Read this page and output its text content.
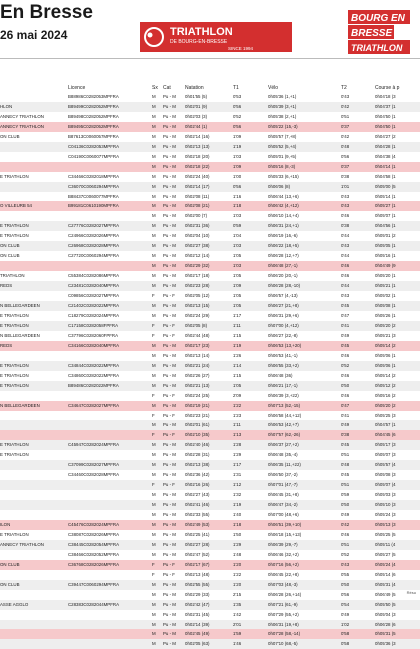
En Bresse
26 mai 2024	TRIATHLON
DE BOURG-EN-BRESSE
SINCE 1994
BOURG EN
BRESSE
TRIATHLON
	Licence	Sx	Cat	Natation	T1	Vélo	T2	Course à p
	B88986C0282053MPFRA	M	Pu - M	0h01'55 (5)	0'53	0h05'36 (1,+1)	0'43	0h04'18 (3
HLON	B89499C0282052MPFRA	M	Pu - M	0h02'01 (9)	0'56	0h05'39 (3,+1)	0'42	0h04'37 (1
ANNECY TRIATHLON	B89498C0282052MPFRA	M	Pu - M	0h02'03 (3)	0'52	0h05'38 (2,+1)	0'51	0h04'50 (1
ANNECY TRIATHLON	B89495C0282052MPFRA	M	Pu - M	0h02'44 (1)	0'56	0h05'22 (15,-3)	0'37	0h04'50 (1
ON CLUB	B87613C0060057MPFRA	M	Pu - M	0h02'14 (16)	1'09	0h05'57 (7,+8)	0'42	0h04'27 (2
	C04136C0282053MPFRA	M	Pu - M	0h02'13 (13)	1'19	0h05'52 (5,+4)	0'48	0h04'28 (1
	C04190C0060077MPFRA	M	Pu - M	0h02'18 (20)	1'03	0h05'01 (9,+5)	0'56	0h04'38 (4
		M	Pu - M	0h02'18 (22)	1'09	0h05'16 (8,-3)	0'37	0h04'14 (1
E TRIATHLON	C34466C0282018MPFRA	M	Pu - M	0h02'24 (40)	1'00	0h05'33 (6,+15)	0'38	0h04'58 (1
	C36070C0060294MPFRA	M	Pu - M	0h02'14 (17)	0'56	0h06'06 (8)	1'01	0h05'00 (5
	B88437C0060077MPFRA	M	Pu - M	0h02'08 (11)	1'16	0h06'44 (13,+6)	0'43	0h05'14 (1
O VILLEURB 54	B99181C0610190MPFRA	M	Pu - M	0h02'08 (21)	1'18	0h06'42 (4,+12)	0'43	0h05'27 (1
		M	Pu - M	0h02'00 (7)	1'03	0h06'10 (14,+4)	0'46	0h05'07 (1
E TRIATHLON	C27776C0282027MPFRA	M	Pu - M	0h02'31 (36)	0'59	0h06'31 (24,+1)	0'38	0h04'56 (1
E TRIATHLON	C24966C0282026MPFRA	M	Pu - M	0h02'04 (10)	1'04	0h06'19 (16,-6)	0'44	0h05'01 (2
ON CLUB	C26968C0282028MPFRA	M	Pu - M	0h02'27 (38)	1'03	0h06'22 (18,+5)	0'43	0h05'05 (1
ON CLUB	C27720C0060294MPFRA	M	Pu - M	0h02'12 (14)	1'05	0h06'28 (12,+7)	0'44	0h05'16 (1
		M	Pu - M	0h02'29 (32)	1'03	0h06'48 (27,-1)	0'46	0h04'49 (9
TRIATHLON	C55384C0282086MPFRA	M	Pu - M	0h02'17 (18)	1'05	0h06'20 (20,-1)	0'46	0h05'20 (1
REDS	C23481C0282040MPFRA	M	Pu - M	0h02'23 (28)	1'09	0h06'28 (28,-10)	0'44	0h05'21 (1
	C09856C0282027MPFRA	F	Pu - F	0h02'05 (12)	1'05	0h06'57 (4,-13)	0'43	0h05'02 (1
N BELLEGARDEEN	C21402C0282022MPFRA	M	Pu - M	0h02'13 (15)	1'05	0h06'27 (21,+8)	0'45	0h05'08 (1
E TRIATHLON	C18279C0282024MPFRA	M	Pu - M	0h02'24 (29)	1'17	0h06'31 (29,+6)	0'47	0h05'26 (1
E TRIATHLON	C17158C0282058FPFRA	F	Pu - F	0h02'05 (8)	1'11	0h07'00 (4,+12)	0'41	0h05'20 (2
N BELLEGARDEEN	C37796C0282060FPFRA	F	Pu - F	0h02'44 (48)	1'15	0h06'27 (22,-8)	0'49	0h05'21 (3
REDS	C34166C0282040MPFRA	M	Pu - M	0h02'17 (23)	1'19	0h06'53 (13,+20)	0'45	0h05'14 (2
		M	Pu - M	0h02'13 (14)	1'26	0h06'53 (41,-1)	0'46	0h05'06 (1
E TRIATHLON	C34844C0282022MPFRA	M	Pu - M	0h02'21 (24)	1'14	0h06'55 (33,+2)	0'52	0h05'06 (1
E TRIATHLON	C34860C0282022MPFRA	M	Pu - M	0h02'26 (27)	1'15	0h06'48 (36)	0'46	0h05'14 (2
E TRIATHLON	B89486C0282022MPFRA	M	Pu - M	0h02'21 (13)	1'05	0h06'21 (17,-1)	0'50	0h05'12 (2
		F	Pu - F	0h02'24 (25)	2'09	0h06'39 (3,+22)	0'46	0h05'16 (2
N BELLEGARDEEN	C34647C0282027MPFRA	M	Pu - M	0h02'19 (21)	1'22	0h07'13 (52,-15)	0'47	0h05'20 (2
		F	Pu - F	0h02'23 (21)	1'23	0h06'58 (44,+12)	0'41	0h05'25 (3
		M	Pu - M	0h02'01 (61)	1'11	0h06'53 (42,+7)	0'49	0h04'57 (1
		F	Pu - F	0h02'10 (35)	1'13	0h07'57 (62,-26)	0'38	0h04'45 (6
E TRIATHLON	C45947C0282024MPFRA	M	Pu - M	0h02'40 (46)	1'28	0h06'37 (27,+2)	0'45	0h05'17 (3
E TRIATHLON		M	Pu - M	0h02'28 (31)	1'29	0h06'48 (35,-4)	0'51	0h05'07 (3
	C37099C0282027MPFRA	M	Pu - M	0h02'13 (38)	1'17	0h06'35 (11,+22)	0'48	0h05'57 (4
	C34460C0282028MPFRA	M	Pu - M	0h02'36 (42)	1'31	0h06'50 (37,-2)	0'45	0h05'08 (3
		F	Pu - F	0h02'16 (26)	1'12	0h07'01 (47,-7)	0'51	0h05'07 (4
		M	Pu - M	0h02'27 (43)	1'32	0h06'45 (31,+8)	0'59	0h05'03 (3
		M	Pu - M	0h02'41 (46)	1'19	0h06'47 (34,-2)	0'50	0h05'10 (3
		M	Pu - M	0h02'33 (55)	1'40	0h07'00 (48,+6)	0'49	0h05'24 (3
ILON	C45476C0282024MPFRA	M	Pu - M	0h02'49 (53)	1'18	0h06'51 (39,+10)	0'42	0h05'13 (3
E TRIATHLON	C38087C0282026MPFRA	M	Pu - M	0h02'25 (41)	1'50	0h06'18 (15,+13)	0'46	0h05'25 (5
ANNECY TRIATHLON	C38445C0282054MPFRA	M	Pu - M	0h02'27 (28)	1'29	0h06'39 (29,-7)	0'51	0h05'11 (4
	C38466C0282052MPFRA	M	Pu - M	0h02'47 (52)	1'48	0h06'46 (32,+2)	0'52	0h05'27 (5
ON CLUB	C36768C0282026MPFRA	F	Pu - F	0h02'17 (67)	1'20	0h07'16 (56,+2)	0'43	0h05'24 (4
		F	Pu - F	0h02'13 (48)	1'22	0h06'45 (22,+8)	0'55	0h05'14 (6
ON CLUB	C39447C0060294MPFRA	M	Pu - M	0h02'55 (55)	1'20	0h07'03 (48,-3)	0'50	0h05'31 (4
		M	Pu - M	0h02'29 (33)	2'15	0h06'28 (26,+14)	0'56	0h06'49 (5
ASSE AGGLO	C28383C0282044MPFRA	M	Pu - M	0h02'42 (47)	1'35	0h07'21 (61,-9)	0'54	0h05'50 (5
		M	Pu - M	0h02'31 (45)	1'42	0h07'29 (55,+2)	0'49	0h05'04 (3
		M	Pu - M	0h02'14 (39)	2'01	0h06'31 (19,+8)	1'02	0h06'28 (6
		M	Pu - M	0h02'45 (49)	1'59	0h07'28 (58,-14)	0'58	0h05'31 (5
		M	Pu - M	0h02'05 (63)	1'46	0h07'10 (68,-5)	0'58	0h05'36 (3
Résu
